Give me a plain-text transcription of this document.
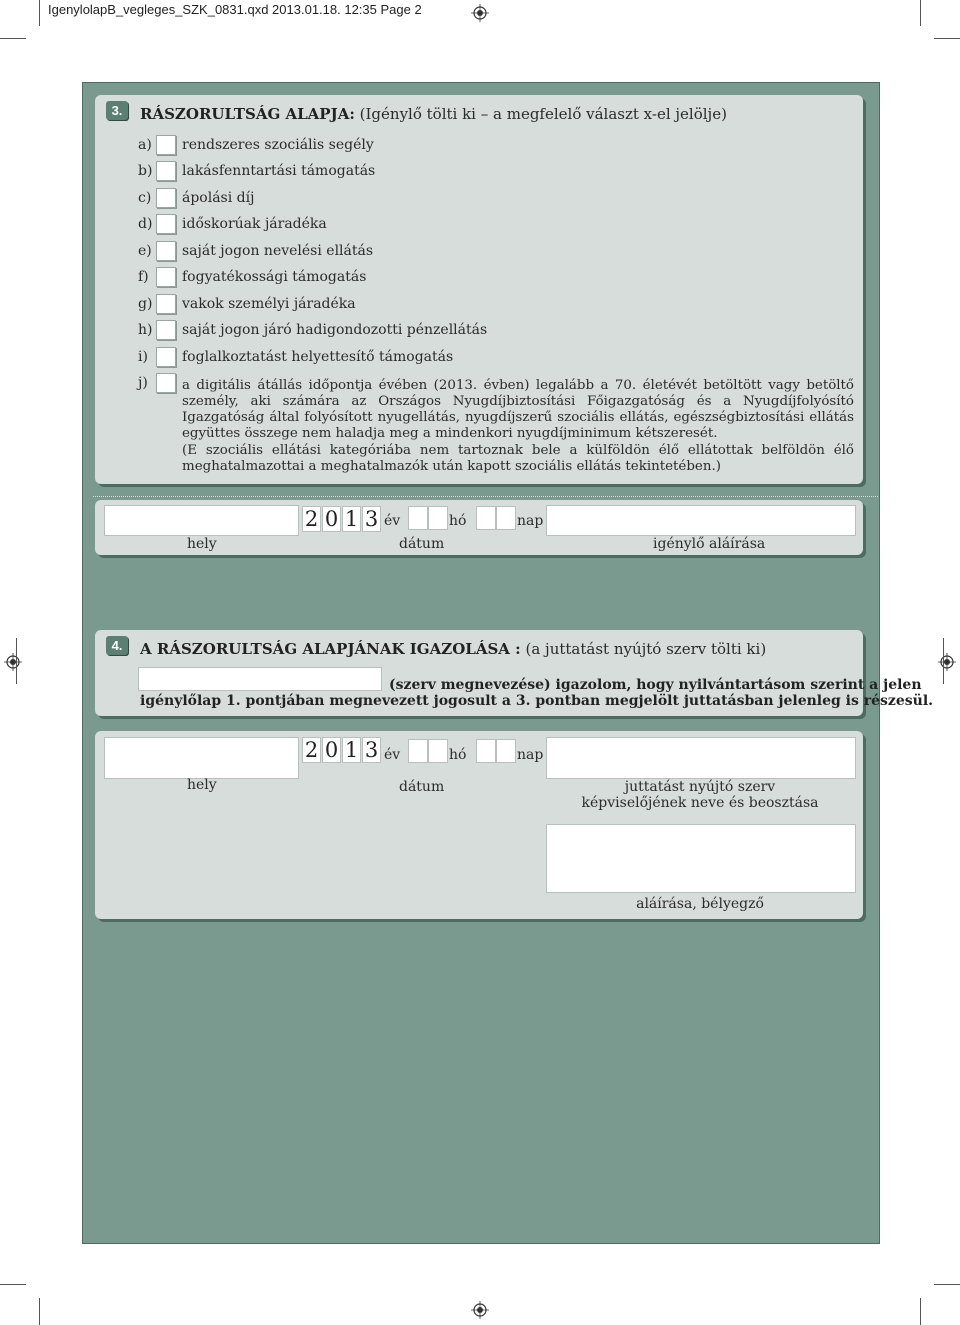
IgenylolapB_vegleges_SZK_0831.qxd 2013.01.18. 12:35 Page 2
3.	RÁSZORULTSÁG ALAPJA: (Igénylő tölti ki – a megfelelő választ x-el jelölje)
a) rendszeres szociális segély
b) lakásfenntartási támogatás
c) ápolási díj
d) időskorúak járadéka
e) saját jogon nevelési ellátás
f) fogyatékossági támogatás
g) vakok személyi járadéka
h) saját jogon járó hadigondozotti pénzellátás
i) foglalkoztatást helyettesítő támogatás
j)	a digitális átállás időpontja évében (2013. évben) legalább a 70. életévét betöltött vagy betöltő személy, aki számára az Országos Nyugdíjbiztosítási Főigazgatóság és a Nyugdíjfolyósító Igazgatóság által folyósított nyugellátás, nyugdíjszerű szociális ellátás, egészségbiztosítási ellátás együttes összege nem haladja meg a mindenkori nyugdíjminimum kétszeresét.
(E szociális ellátási kategóriába nem tartoznak bele a külföldön élő ellátottak belföldön élő meghatalmazottai a meghatalmazók után kapott szociális ellátás tekintetében.)
2 0 1 3 év	hó	nap
hely	dátum	igénylő aláírása
4.	A RÁSZORULTSÁG ALAPJÁNAK IGAZOLÁSA : (a juttatást nyújtó szerv tölti ki)
(szerv megnevezése) igazolom, hogy nyilvántartásom szerint a jelen
igénylőlap 1. pontjában megnevezett jogosult a 3. pontban megjelölt juttatásban jelenleg is részesül.
2 0 1 3 év	hó	nap
hely	dátum	juttatást nyújtó szerv
képviselőjének neve és beosztása
aláírása, bélyegző
